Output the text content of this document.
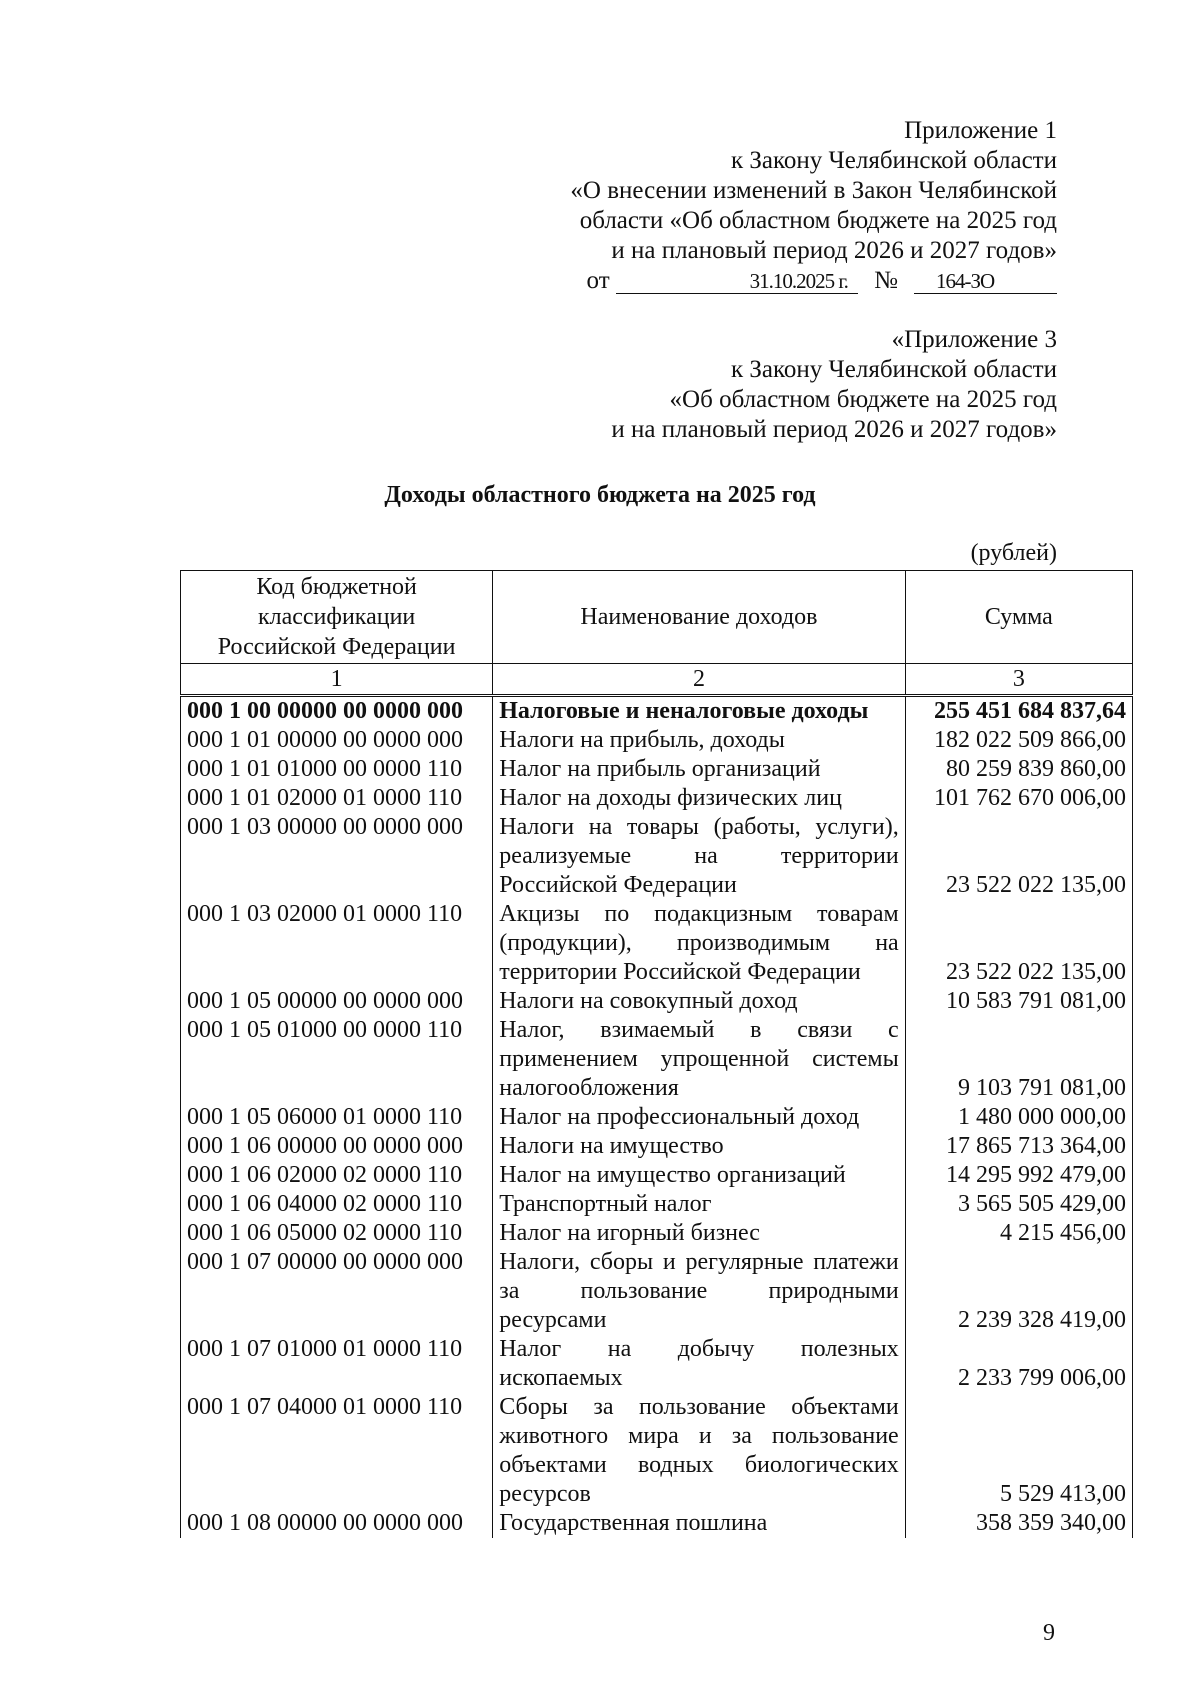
Приложение 1
к Закону Челябинской области
«О внесении изменений в Закон Челябинской
области «Об областном бюджете на 2025 год
и на плановый период 2026 и 2027 годов»
от	31.10.2025 г. № 164-ЗО
«Приложение 3
к Закону Челябинской области
«Об областном бюджете на 2025 год
и на плановый период 2026 и 2027 годов»
Доходы областного бюджета на 2025 год
(рублей)
Код бюджетной классификации Российской Федерации	Наименование доходов	Сумма
1	2	3
000 1 00 00000 00 0000 000	Налоговые и неналоговые доходы	255 451 684 837,64
000 1 01 00000 00 0000 000	Налоги на прибыль, доходы	182 022 509 866,00
000 1 01 01000 00 0000 110	Налог на прибыль организаций	80 259 839 860,00
000 1 01 02000 01 0000 110	Налог на доходы физических лиц	101 762 670 006,00
000 1 03 00000 00 0000 000	Налоги на товары (работы, услуги), реализуемые на территории Российской Федерации	23 522 022 135,00
000 1 03 02000 01 0000 110	Акцизы по подакцизным товарам (продукции), производимым на территории Российской Федерации	23 522 022 135,00
000 1 05 00000 00 0000 000	Налоги на совокупный доход	10 583 791 081,00
000 1 05 01000 00 0000 110	Налог, взимаемый в связи с применением упрощенной системы налогообложения	9 103 791 081,00
000 1 05 06000 01 0000 110	Налог на профессиональный доход	1 480 000 000,00
000 1 06 00000 00 0000 000	Налоги на имущество	17 865 713 364,00
000 1 06 02000 02 0000 110	Налог на имущество организаций	14 295 992 479,00
000 1 06 04000 02 0000 110	Транспортный налог	3 565 505 429,00
000 1 06 05000 02 0000 110	Налог на игорный бизнес	4 215 456,00
000 1 07 00000 00 0000 000	Налоги, сборы и регулярные платежи за пользование природными ресурсами	2 239 328 419,00
000 1 07 01000 01 0000 110	Налог на добычу полезных ископаемых	2 233 799 006,00
000 1 07 04000 01 0000 110	Сборы за пользование объектами животного мира и за пользование объектами водных биологических ресурсов	5 529 413,00
000 1 08 00000 00 0000 000	Государственная пошлина	358 359 340,00
9
